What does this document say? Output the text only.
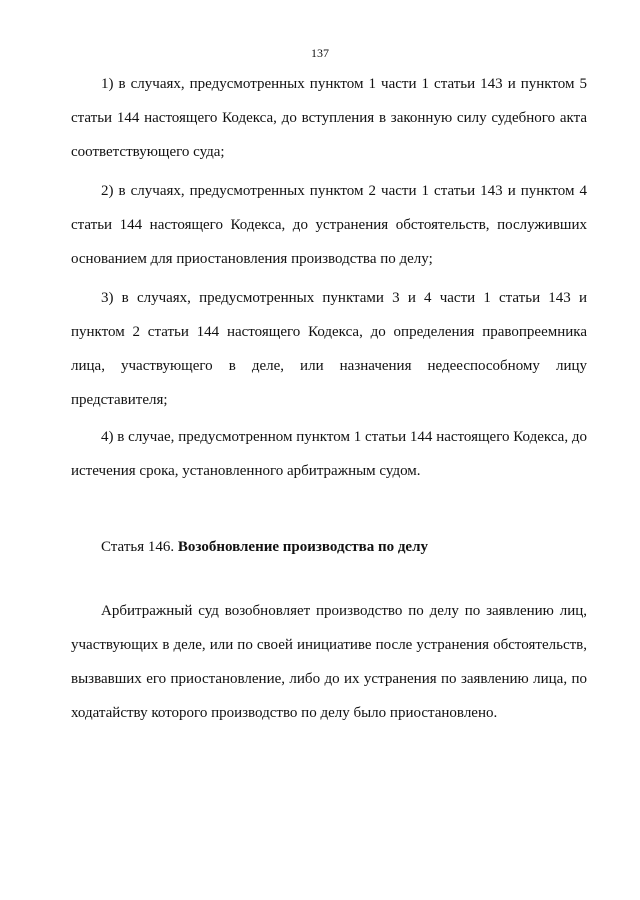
137

1) в случаях, предусмотренных пунктом 1 части 1 статьи 143 и пунктом 5 статьи 144 настоящего Кодекса, до вступления в законную силу судебного акта соответствующего суда;

2) в случаях, предусмотренных пунктом 2 части 1 статьи 143 и пунктом 4 статьи 144 настоящего Кодекса, до устранения обстоятельств, послуживших основанием для приостановления производства по делу;

3) в случаях, предусмотренных пунктами 3 и 4 части 1 статьи 143 и пунктом 2 статьи 144 настоящего Кодекса, до определения правопреемника лица, участвующего в деле, или назначения недееспособному лицу представителя;

4) в случае, предусмотренном пунктом 1 статьи 144 настоящего Кодекса, до истечения срока, установленного арбитражным судом.

Статья 146. Возобновление производства по делу

Арбитражный суд возобновляет производство по делу по заявлению лиц, участвующих в деле, или по своей инициативе после устранения обстоятельств, вызвавших его приостановление, либо до их устранения по заявлению лица, по ходатайству которого производство по делу было приостановлено.
